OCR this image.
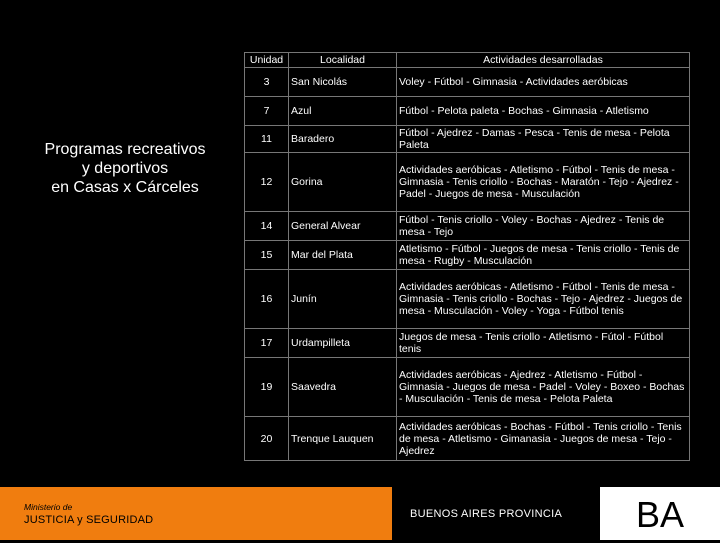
Programas recreativos
y deportivos
en Casas x Cárceles
Unidad	Localidad	Actividades desarrolladas
3	San Nicolás	Voley - Fútbol - Gimnasia - Actividades aeróbicas
7	Azul	Fútbol - Pelota paleta - Bochas - Gimnasia - Atletismo
11	Baradero	Fútbol - Ajedrez - Damas - Pesca - Tenis de mesa - Pelota Paleta
12	Gorina	Actividades aeróbicas - Atletismo - Fútbol - Tenis de mesa - Gimnasia - Tenis criollo - Bochas - Maratón - Tejo - Ajedrez - Padel - Juegos de mesa - Musculación
14	General Alvear	Fútbol - Tenis criollo - Voley - Bochas - Ajedrez - Tenis de mesa - Tejo
15	Mar del Plata	Atletismo - Fútbol - Juegos de mesa - Tenis criollo - Tenis de mesa - Rugby - Musculación
16	Junín	Actividades aeróbicas - Atletismo - Fútbol - Tenis de mesa - Gimnasia - Tenis criollo - Bochas - Tejo - Ajedrez - Juegos de mesa - Musculación - Voley - Yoga - Fútbol tenis
17	Urdampilleta	Juegos de mesa - Tenis criollo - Atletismo - Fútol - Fútbol tenis
19	Saavedra	Actividades aeróbicas - Ajedrez - Atletismo - Fútbol - Gimnasia - Juegos de mesa - Padel - Voley - Boxeo - Bochas - Musculación - Tenis de mesa - Pelota Paleta
20	Trenque Lauquen	Actividades aeróbicas - Bochas - Fútbol - Tenis criollo - Tenis de mesa - Atletismo - Gimanasia - Juegos de mesa - Tejo - Ajedrez
Ministerio de
JUSTICIA y SEGURIDAD	BUENOS AIRES PROVINCIA	BA
